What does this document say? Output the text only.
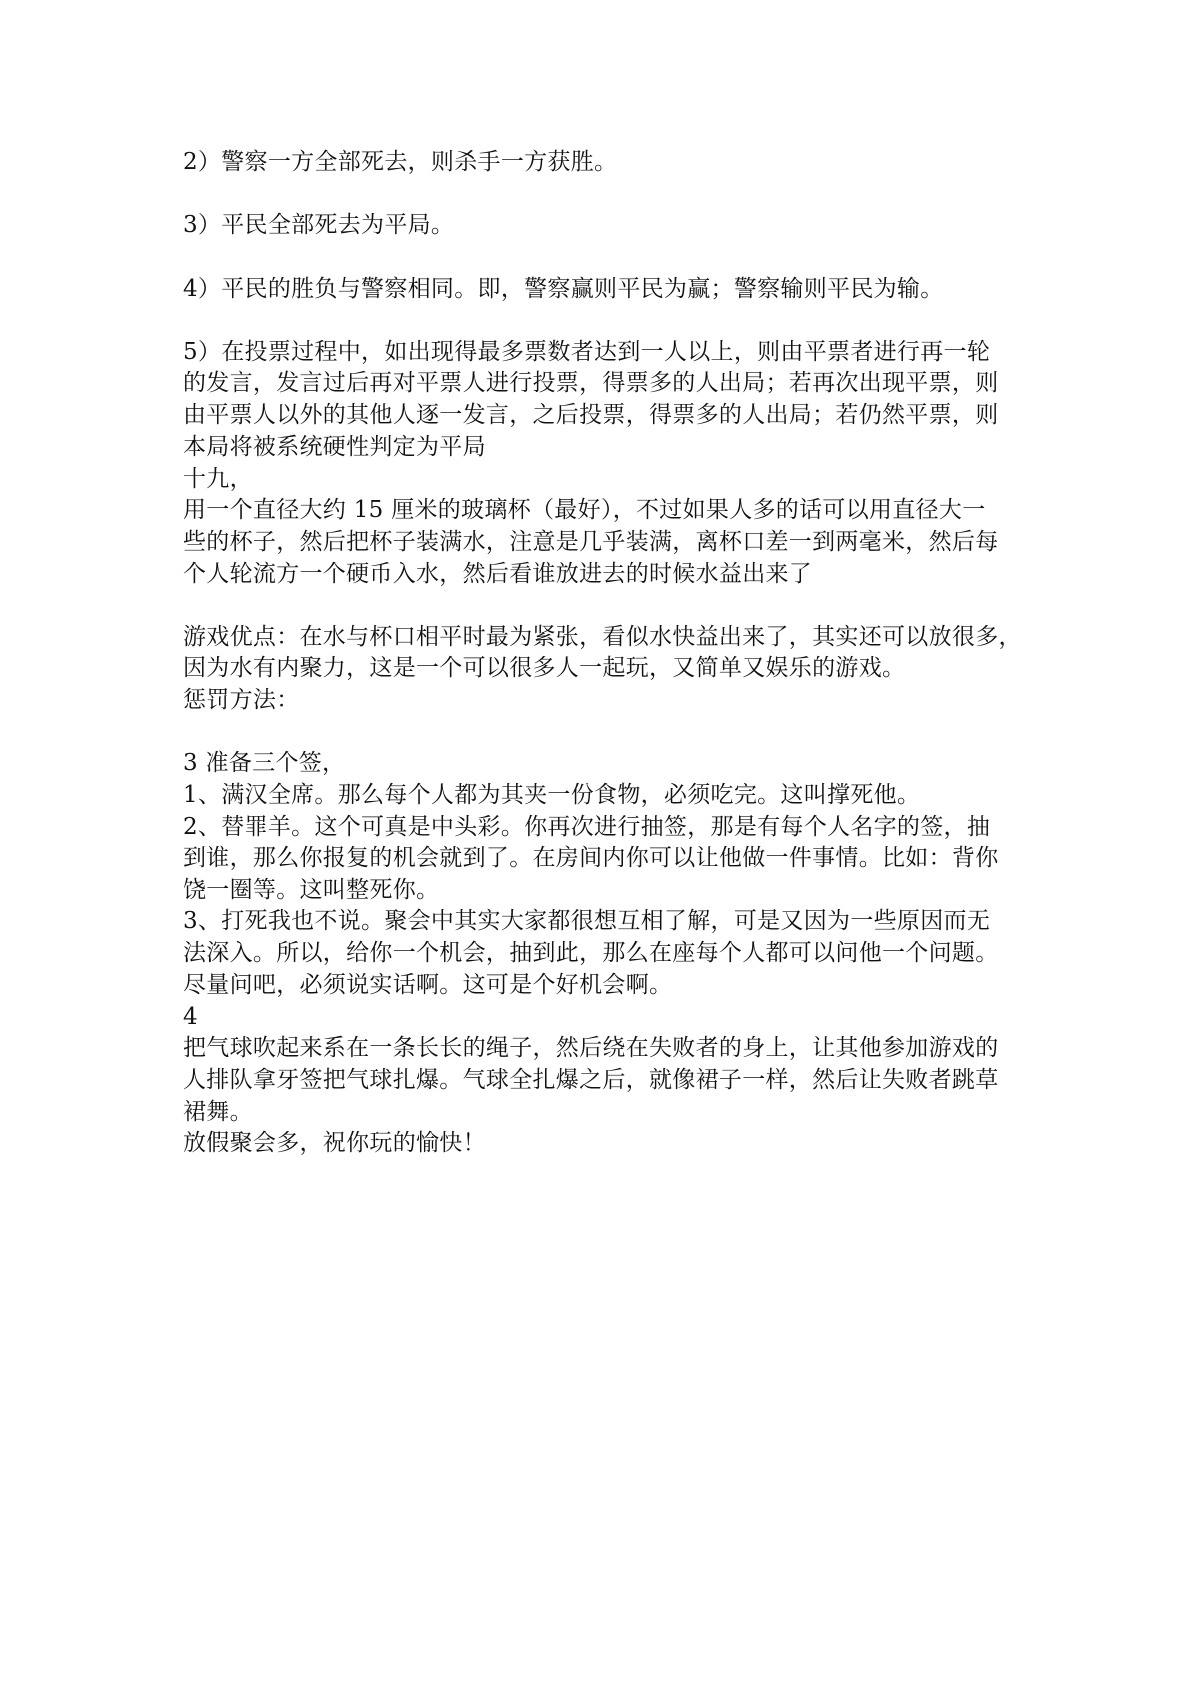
2）警察一方全部死去，则杀手一方获胜。
3）平民全部死去为平局。
4）平民的胜负与警察相同。即，警察赢则平民为赢；警察输则平民为输。
5）在投票过程中，如出现得最多票数者达到一人以上，则由平票者进行再一轮
的发言，发言过后再对平票人进行投票，得票多的人出局；若再次出现平票，则
由平票人以外的其他人逐一发言，之后投票，得票多的人出局；若仍然平票，则
本局将被系统硬性判定为平局
十九，
用一个直径大约 15 厘米的玻璃杯（最好），不过如果人多的话可以用直径大一
些的杯子，然后把杯子装满水，注意是几乎装满，离杯口差一到两毫米，然后每
个人轮流方一个硬币入水，然后看谁放进去的时候水益出来了
游戏优点：在水与杯口相平时最为紧张，看似水快益出来了，其实还可以放很多，
因为水有内聚力，这是一个可以很多人一起玩，又简单又娱乐的游戏。
惩罚方法：
3 准备三个签，
1、满汉全席。那么每个人都为其夹一份食物，必须吃完。这叫撑死他。
2、替罪羊。这个可真是中头彩。你再次进行抽签，那是有每个人名字的签，抽
到谁，那么你报复的机会就到了。在房间内你可以让他做一件事情。比如：背你
饶一圈等。这叫整死你。
3、打死我也不说。聚会中其实大家都很想互相了解，可是又因为一些原因而无
法深入。所以，给你一个机会，抽到此，那么在座每个人都可以问他一个问题。
尽量问吧，必须说实话啊。这可是个好机会啊。
4
把气球吹起来系在一条长长的绳子，然后绕在失败者的身上，让其他参加游戏的
人排队拿牙签把气球扎爆。气球全扎爆之后，就像裙子一样，然后让失败者跳草
裙舞。
放假聚会多，祝你玩的愉快！
